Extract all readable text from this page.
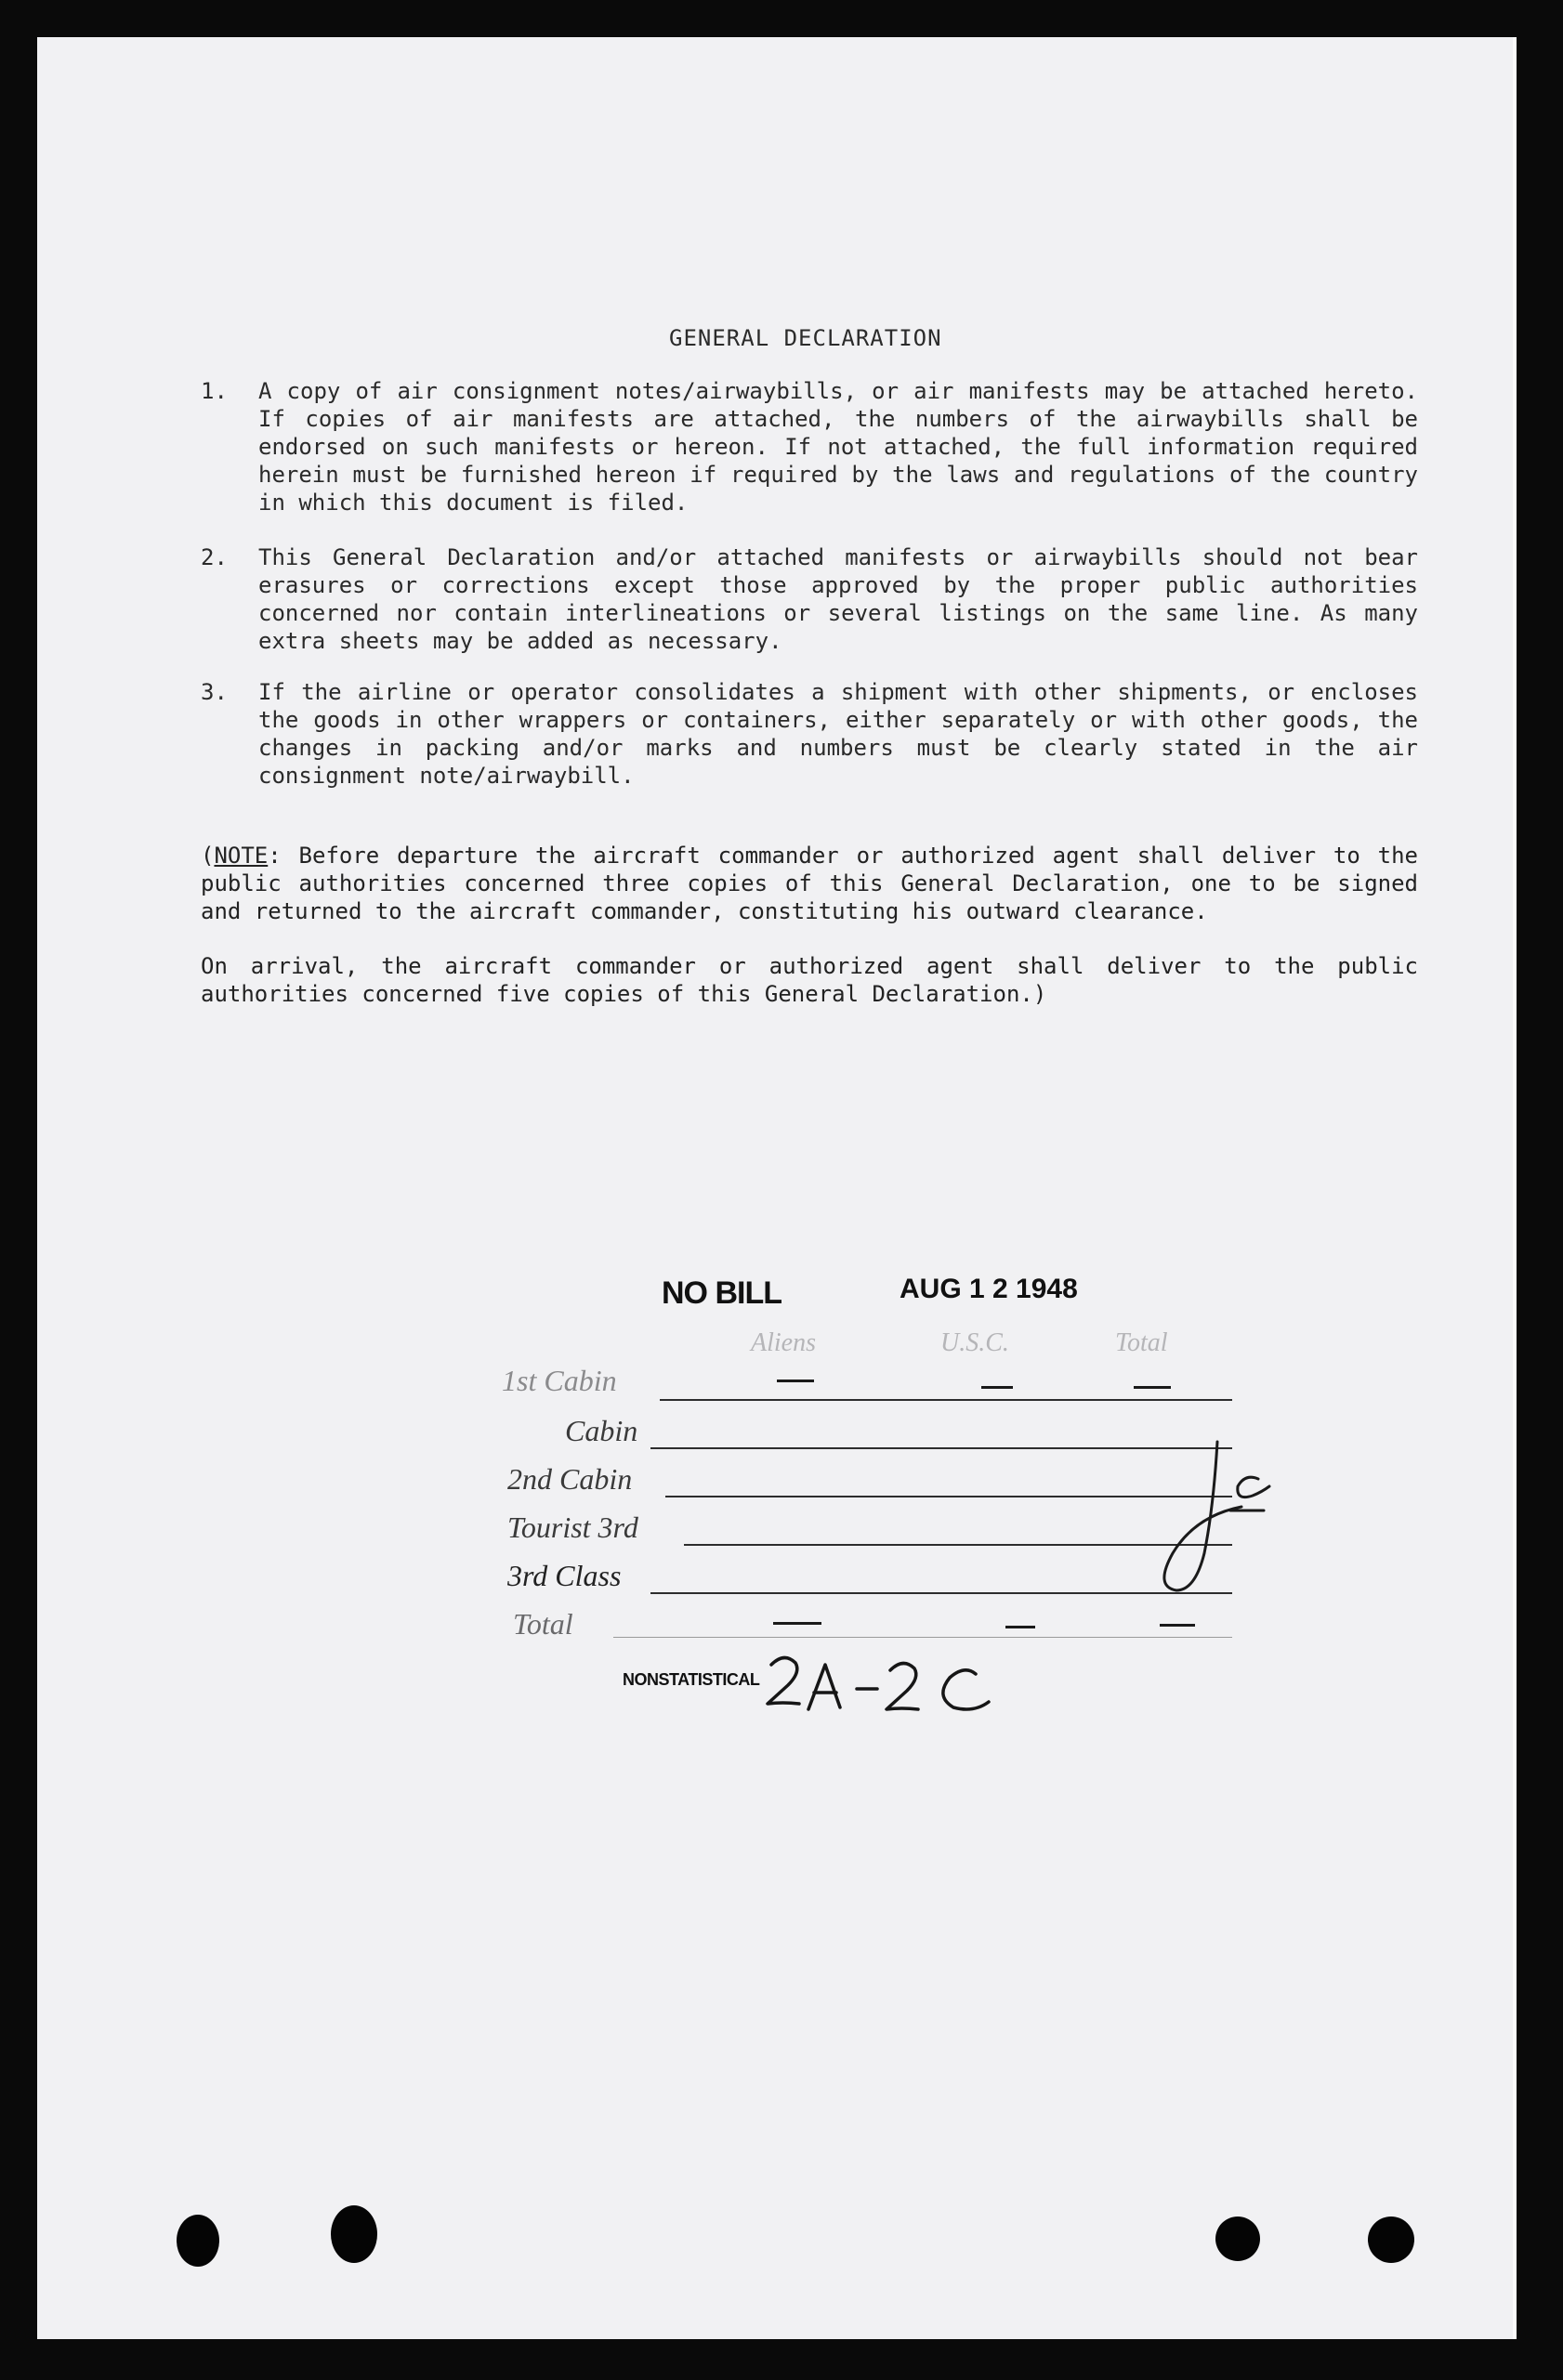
GENERAL DECLARATION
1. A copy of air consignment notes/airwaybills, or air manifests may be attached hereto. If copies of air manifests are attached, the numbers of the airwaybills shall be endorsed on such manifests or hereon. If not attached, the full information required herein must be furnished hereon if required by the laws and regulations of the country in which this document is filed.
2. This General Declaration and/or attached manifests or airwaybills should not bear erasures or corrections except those approved by the proper public authorities concerned nor contain interlineations or several listings on the same line. As many extra sheets may be added as necessary.
3. If the airline or operator consolidates a shipment with other shipments, or encloses the goods in other wrappers or containers, either separately or with other goods, the changes in packing and/or marks and numbers must be clearly stated in the air consignment note/airwaybill.
(NOTE: Before departure the aircraft commander or authorized agent shall deliver to the public authorities concerned three copies of this General Declaration, one to be signed and returned to the aircraft commander, constituting his outward clearance.
On arrival, the aircraft commander or authorized agent shall deliver to the public authorities concerned five copies of this General Declaration.)
NO BILL	AUG 1 2 1948
Aliens	U.S.C.	Total
1st Cabin
Cabin
2nd Cabin
Tourist 3rd
3rd Class
Total
NONSTATISTICAL
